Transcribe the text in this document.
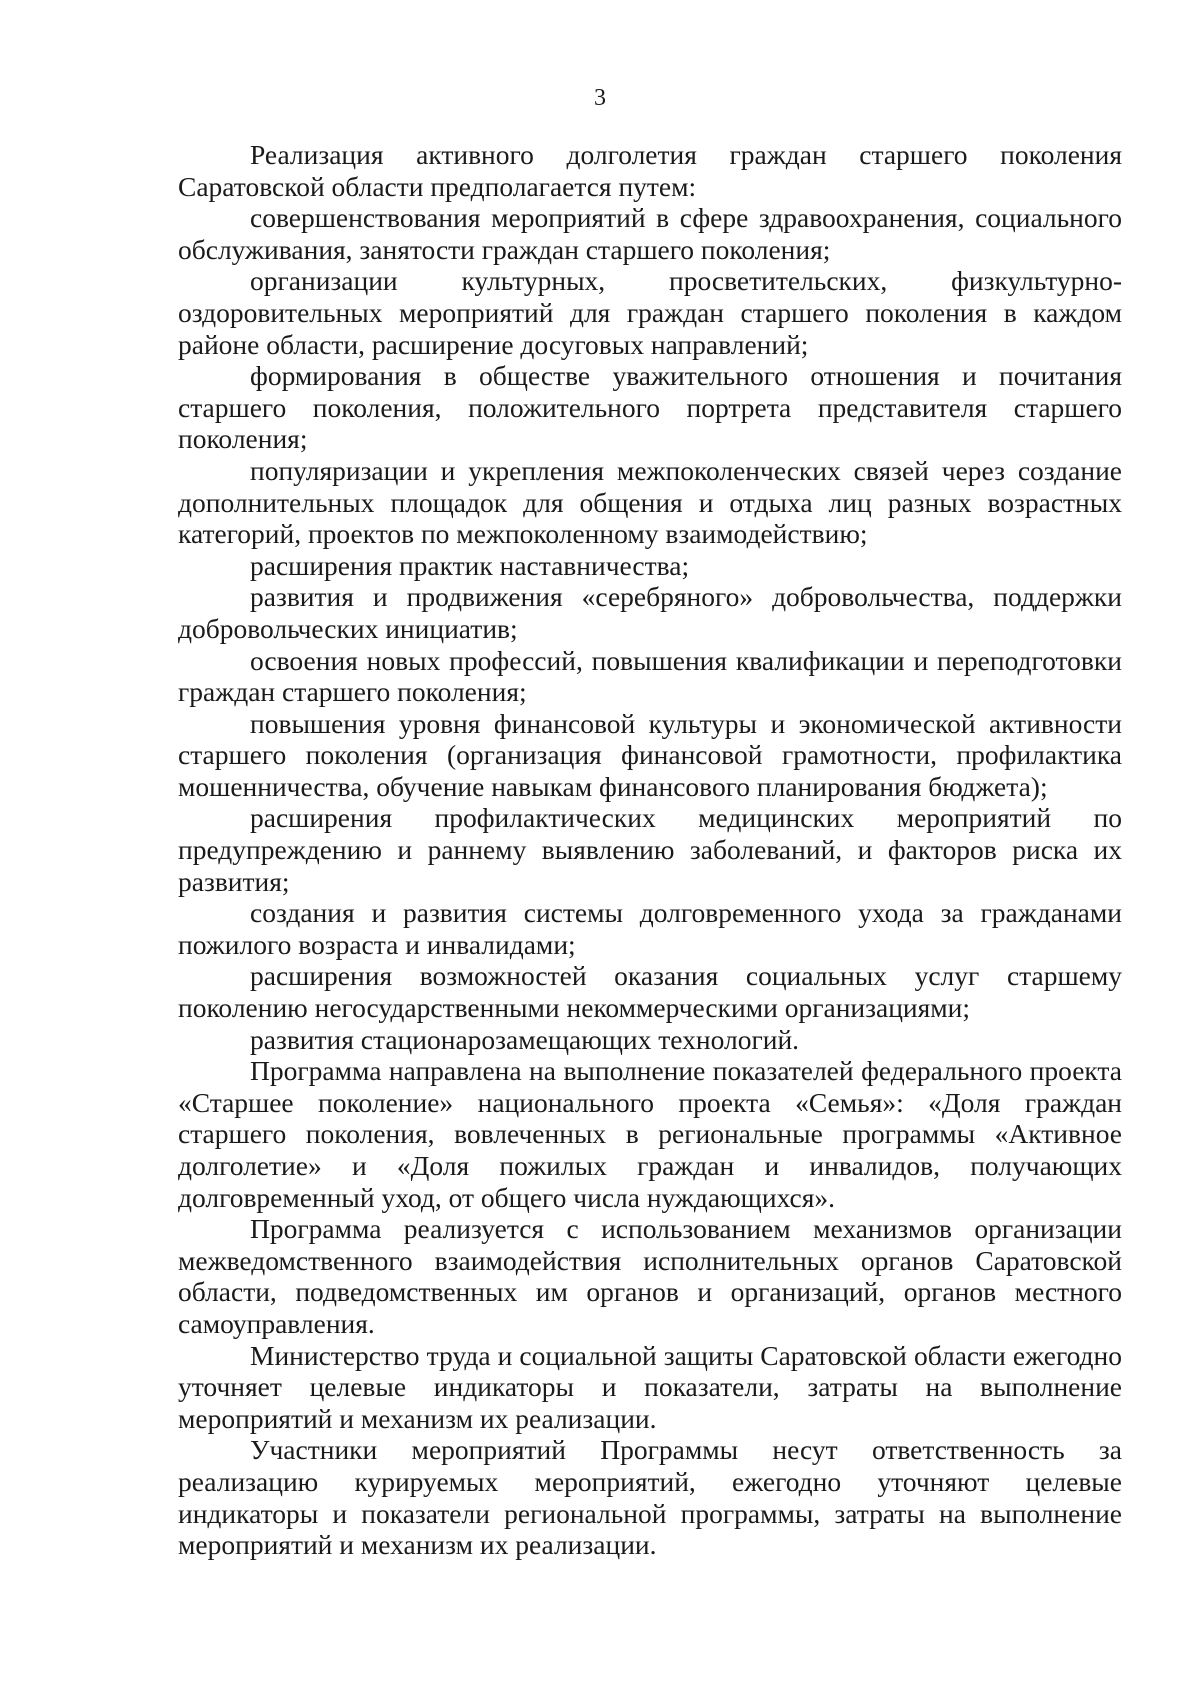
3

Реализация активного долголетия граждан старшего поколения Саратовской области предполагается путем:

совершенствования мероприятий в сфере здравоохранения, социального обслуживания, занятости граждан старшего поколения;

организации культурных, просветительских, физкультурно-оздоровительных мероприятий для граждан старшего поколения в каждом районе области, расширение досуговых направлений;

формирования в обществе уважительного отношения и почитания старшего поколения, положительного портрета представителя старшего поколения;

популяризации и укрепления межпоколенческих связей через создание дополнительных площадок для общения и отдыха лиц разных возрастных категорий, проектов по межпоколенному взаимодействию;

расширения практик наставничества;

развития и продвижения «серебряного» добровольчества, поддержки добровольческих инициатив;

освоения новых профессий, повышения квалификации и переподготовки граждан старшего поколения;

повышения уровня финансовой культуры и экономической активности старшего поколения (организация финансовой грамотности, профилактика мошенничества, обучение навыкам финансового планирования бюджета);

расширения профилактических медицинских мероприятий по предупреждению и раннему выявлению заболеваний, и факторов риска их развития;

создания и развития системы долговременного ухода за гражданами пожилого возраста и инвалидами;

расширения возможностей оказания социальных услуг старшему поколению негосударственными некоммерческими организациями;

развития стационарозамещающих технологий.

Программа направлена на выполнение показателей федерального проекта «Старшее поколение» национального проекта «Семья»: «Доля граждан старшего поколения, вовлеченных в региональные программы «Активное долголетие» и «Доля пожилых граждан и инвалидов, получающих долговременный уход, от общего числа нуждающихся».

Программа реализуется с использованием механизмов организации межведомственного взаимодействия исполнительных органов Саратовской области, подведомственных им органов и организаций, органов местного самоуправления.

Министерство труда и социальной защиты Саратовской области ежегодно уточняет целевые индикаторы и показатели, затраты на выполнение мероприятий и механизм их реализации.

Участники мероприятий Программы несут ответственность за реализацию курируемых мероприятий, ежегодно уточняют целевые индикаторы и показатели региональной программы, затраты на выполнение мероприятий и механизм их реализации.
